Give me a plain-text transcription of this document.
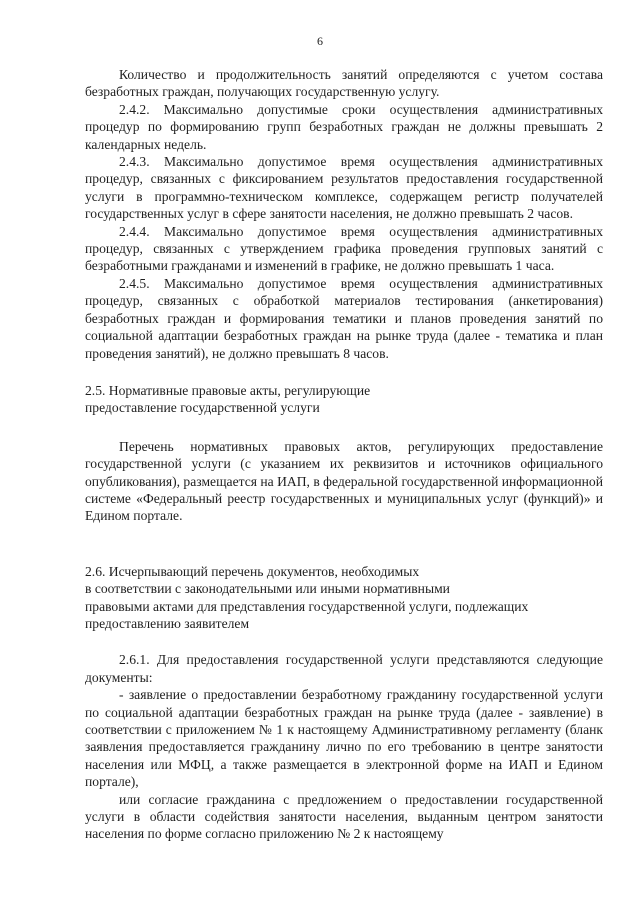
6

Количество и продолжительность занятий определяются с учетом состава безработных граждан, получающих государственную услугу.

2.4.2. Максимально допустимые сроки осуществления административных процедур по формированию групп безработных граждан не должны превышать 2 календарных недель.

2.4.3. Максимально допустимое время осуществления административных процедур, связанных с фиксированием результатов предоставления государственной услуги в программно-техническом комплексе, содержащем регистр получателей государственных услуг в сфере занятости населения, не должно превышать 2 часов.

2.4.4. Максимально допустимое время осуществления административных процедур, связанных с утверждением графика проведения групповых занятий с безработными гражданами и изменений в графике, не должно превышать 1 часа.

2.4.5. Максимально допустимое время осуществления административных процедур, связанных с обработкой материалов тестирования (анкетирования) безработных граждан и формирования тематики и планов проведения занятий по социальной адаптации безработных граждан на рынке труда (далее - тематика и план проведения занятий), не должно превышать 8 часов.

2.5. Нормативные правовые акты, регулирующие
предоставление государственной услуги

Перечень нормативных правовых актов, регулирующих предоставление государственной услуги (с указанием их реквизитов и источников официального опубликования), размещается на ИАП, в федеральной государственной информационной системе «Федеральный реестр государственных и муниципальных услуг (функций)» и Едином портале.

2.6. Исчерпывающий перечень документов, необходимых
в соответствии с законодательными или иными нормативными
правовыми актами для представления государственной услуги, подлежащих
предоставлению заявителем

2.6.1. Для предоставления государственной услуги представляются следующие документы:

- заявление о предоставлении безработному гражданину государственной услуги по социальной адаптации безработных граждан на рынке труда (далее - заявление) в соответствии с приложением № 1 к настоящему Административному регламенту (бланк заявления предоставляется гражданину лично по его требованию в центре занятости населения или МФЦ, а также размещается в электронной форме на ИАП и Едином портале),

или согласие гражданина с предложением о предоставлении государственной услуги в области содействия занятости населения, выданным центром занятости населения по форме согласно приложению № 2 к настоящему
